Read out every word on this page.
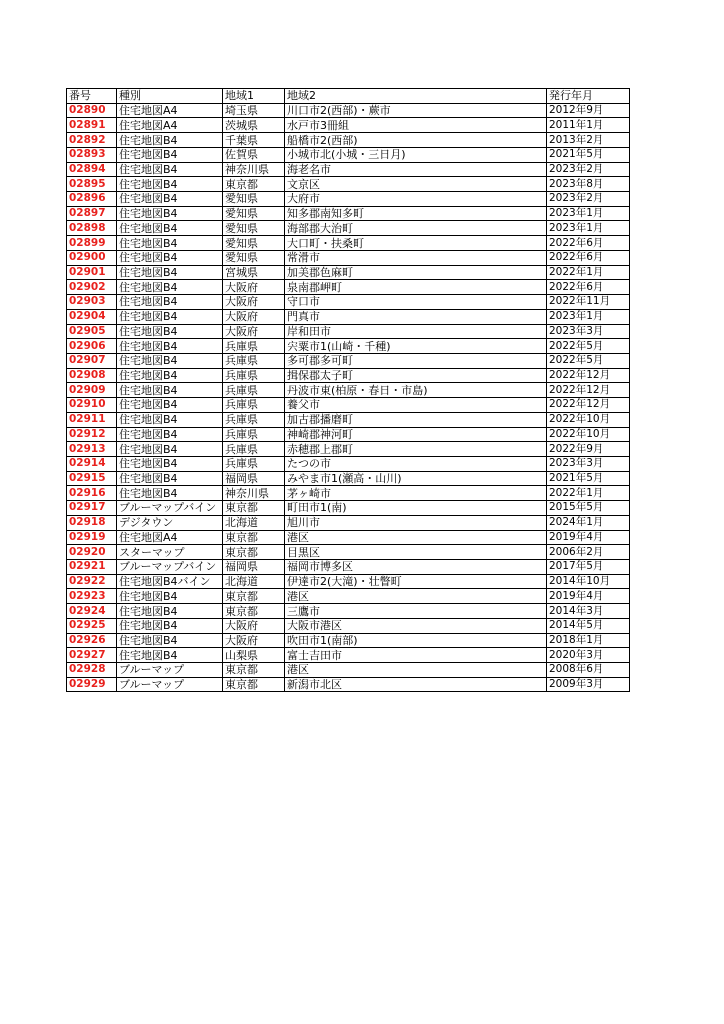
番号	種別	地域1	地域2	発行年月
02890	住宅地図A4	埼玉県	川口市2(西部)・蕨市	2012年9月
02891	住宅地図A4	茨城県	水戸市3冊組	2011年1月
02892	住宅地図B4	千葉県	船橋市2(西部)	2013年2月
02893	住宅地図B4	佐賀県	小城市北(小城・三日月)	2021年5月
02894	住宅地図B4	神奈川県	海老名市	2023年2月
02895	住宅地図B4	東京都	文京区	2023年8月
02896	住宅地図B4	愛知県	大府市	2023年2月
02897	住宅地図B4	愛知県	知多郡南知多町	2023年1月
02898	住宅地図B4	愛知県	海部郡大治町	2023年1月
02899	住宅地図B4	愛知県	大口町・扶桑町	2022年6月
02900	住宅地図B4	愛知県	常滑市	2022年6月
02901	住宅地図B4	宮城県	加美郡色麻町	2022年1月
02902	住宅地図B4	大阪府	泉南郡岬町	2022年6月
02903	住宅地図B4	大阪府	守口市	2022年11月
02904	住宅地図B4	大阪府	門真市	2023年1月
02905	住宅地図B4	大阪府	岸和田市	2023年3月
02906	住宅地図B4	兵庫県	宍粟市1(山崎・千種)	2022年5月
02907	住宅地図B4	兵庫県	多可郡多可町	2022年5月
02908	住宅地図B4	兵庫県	揖保郡太子町	2022年12月
02909	住宅地図B4	兵庫県	丹波市東(柏原・春日・市島)	2022年12月
02910	住宅地図B4	兵庫県	養父市	2022年12月
02911	住宅地図B4	兵庫県	加古郡播磨町	2022年10月
02912	住宅地図B4	兵庫県	神崎郡神河町	2022年10月
02913	住宅地図B4	兵庫県	赤穂郡上郡町	2022年9月
02914	住宅地図B4	兵庫県	たつの市	2023年3月
02915	住宅地図B4	福岡県	みやま市1(瀬高・山川)	2021年5月
02916	住宅地図B4	神奈川県	茅ヶ崎市	2022年1月
02917	ブルーマップバイン	東京都	町田市1(南)	2015年5月
02918	デジタウン	北海道	旭川市	2024年1月
02919	住宅地図A4	東京都	港区	2019年4月
02920	スターマップ	東京都	目黒区	2006年2月
02921	ブルーマップバイン	福岡県	福岡市博多区	2017年5月
02922	住宅地図B4バイン	北海道	伊達市2(大滝)・壮瞥町	2014年10月
02923	住宅地図B4	東京都	港区	2019年4月
02924	住宅地図B4	東京都	三鷹市	2014年3月
02925	住宅地図B4	大阪府	大阪市港区	2014年5月
02926	住宅地図B4	大阪府	吹田市1(南部)	2018年1月
02927	住宅地図B4	山梨県	富士吉田市	2020年3月
02928	ブルーマップ	東京都	港区	2008年6月
02929	ブルーマップ	東京都	新潟市北区	2009年3月
